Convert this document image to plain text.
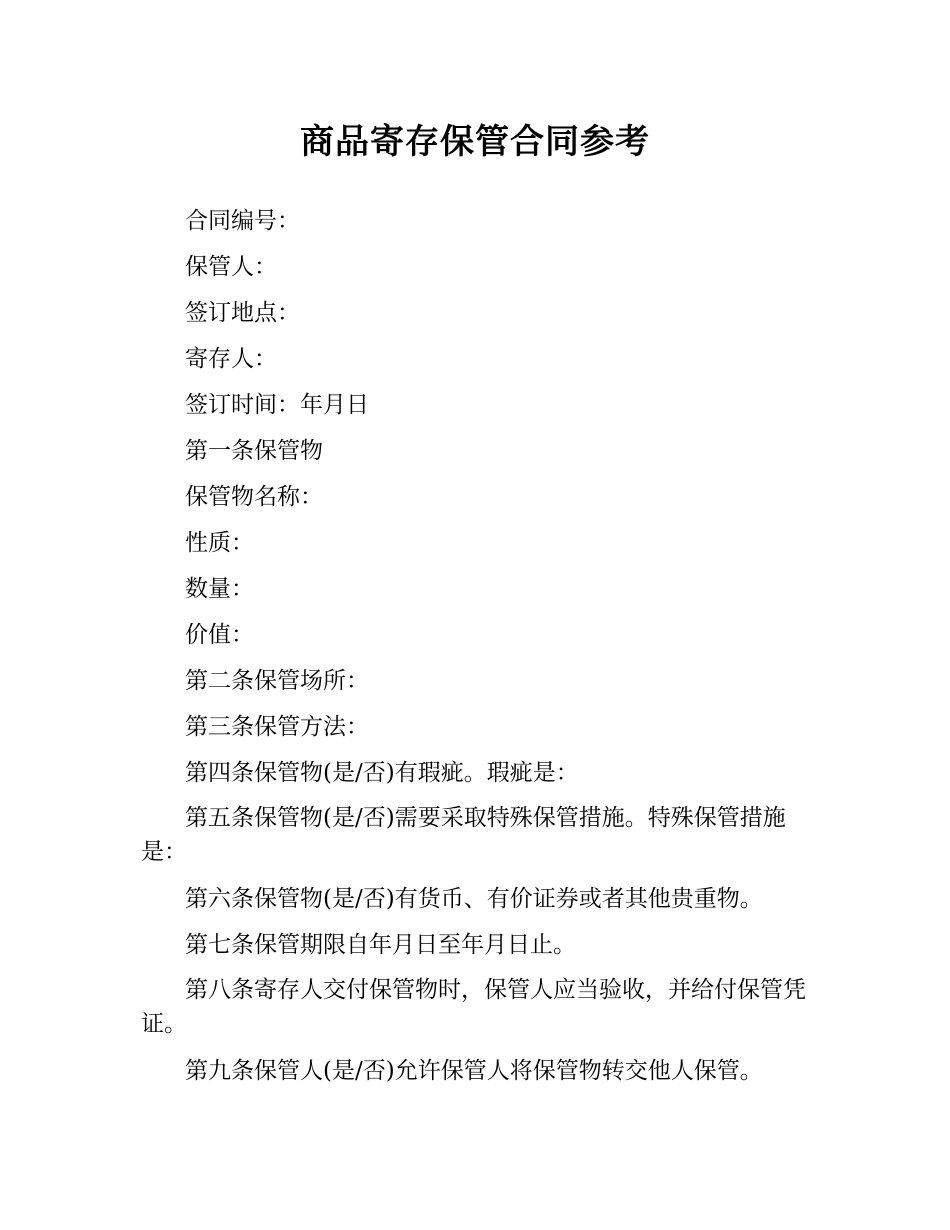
商品寄存保管合同参考

合同编号：

保管人：

签订地点：

寄存人：

签订时间：年月日

第一条保管物

保管物名称：

性质：

数量：

价值：

第二条保管场所：

第三条保管方法：

第四条保管物(是/否)有瑕疵。瑕疵是：

第五条保管物(是/否)需要采取特殊保管措施。特殊保管措施是：

第六条保管物(是/否)有货币、有价证券或者其他贵重物。

第七条保管期限自年月日至年月日止。

第八条寄存人交付保管物时，保管人应当验收，并给付保管凭证。

第九条保管人(是/否)允许保管人将保管物转交他人保管。
